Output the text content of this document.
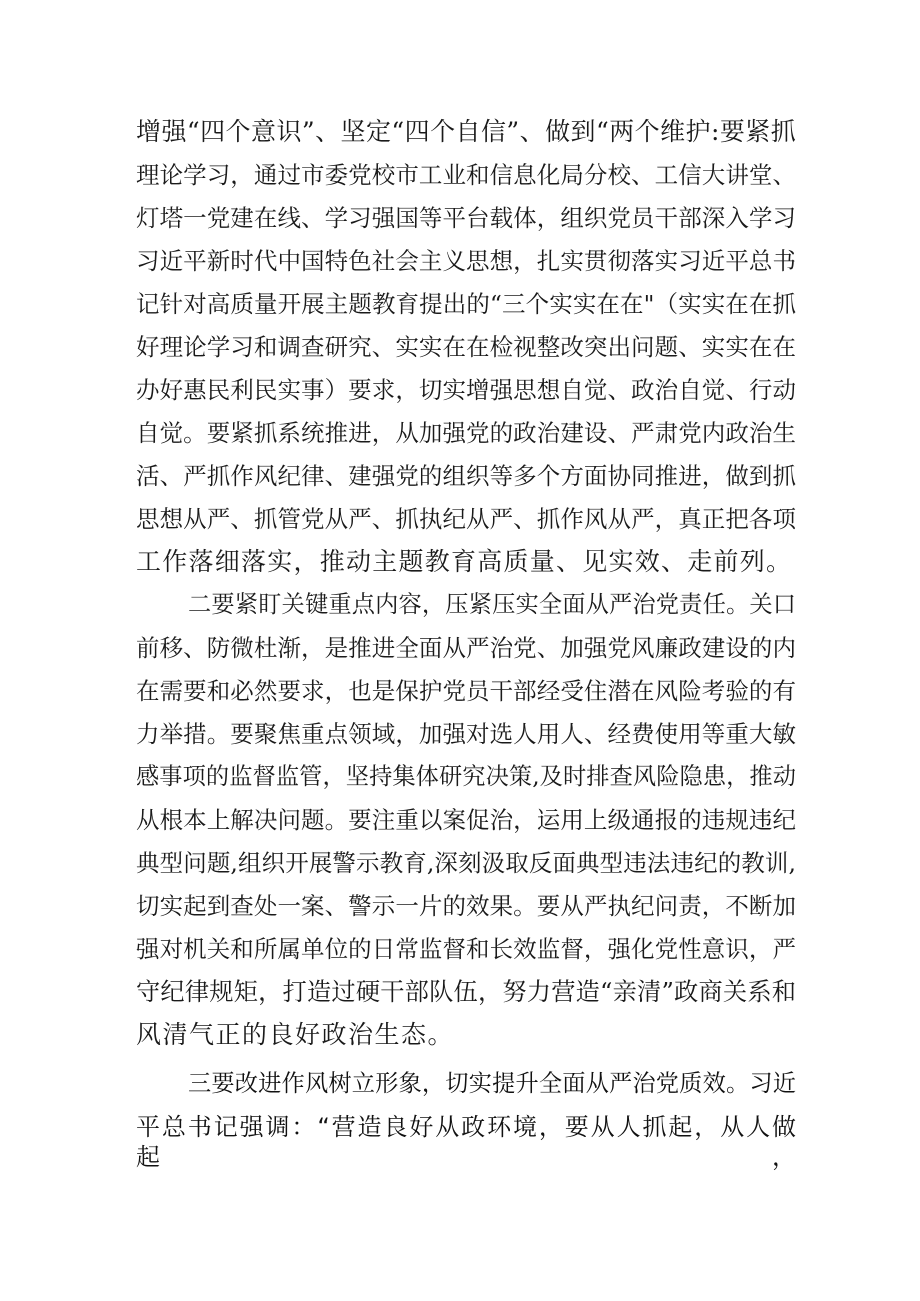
增强“四个意识”、坚定“四个自信”、做到“两个维护:要紧抓

理论学习，通过市委党校市工业和信息化局分校、工信大讲堂、

灯塔一党建在线、学习强国等平台载体，组织党员干部深入学习

习近平新时代中国特色社会主义思想，扎实贯彻落实习近平总书

记针对高质量开展主题教育提出的“三个实实在在"（实实在在抓

好理论学习和调查研究、实实在在检视整改突出问题、实实在在

办好惠民利民实事）要求，切实增强思想自觉、政治自觉、行动

自觉。要紧抓系统推进，从加强党的政治建设、严肃党内政治生

活、严抓作风纪律、建强党的组织等多个方面协同推进，做到抓

思想从严、抓管党从严、抓执纪从严、抓作风从严，真正把各项

工作落细落实，推动主题教育高质量、见实效、走前列。

二要紧盯关键重点内容，压紧压实全面从严治党责任。关口

前移、防微杜渐，是推进全面从严治党、加强党风廉政建设的内

在需要和必然要求，也是保护党员干部经受住潜在风险考验的有

力举措。要聚焦重点领域，加强对选人用人、经费使用等重大敏

感事项的监督监管，坚持集体研究决策,及时排查风险隐患，推动

从根本上解决问题。要注重以案促治，运用上级通报的违规违纪

典型问题,组织开展警示教育,深刻汲取反面典型违法违纪的教训,

切实起到查处一案、警示一片的效果。要从严执纪问责，不断加

强对机关和所属单位的日常监督和长效监督，强化党性意识，严

守纪律规矩，打造过硬干部队伍，努力营造“亲清”政商关系和

风清气正的良好政治生态。

三要改进作风树立形象，切实提升全面从严治党质效。习近

平总书记强调：“营造良好从政环境，要从人抓起，从人做起，
